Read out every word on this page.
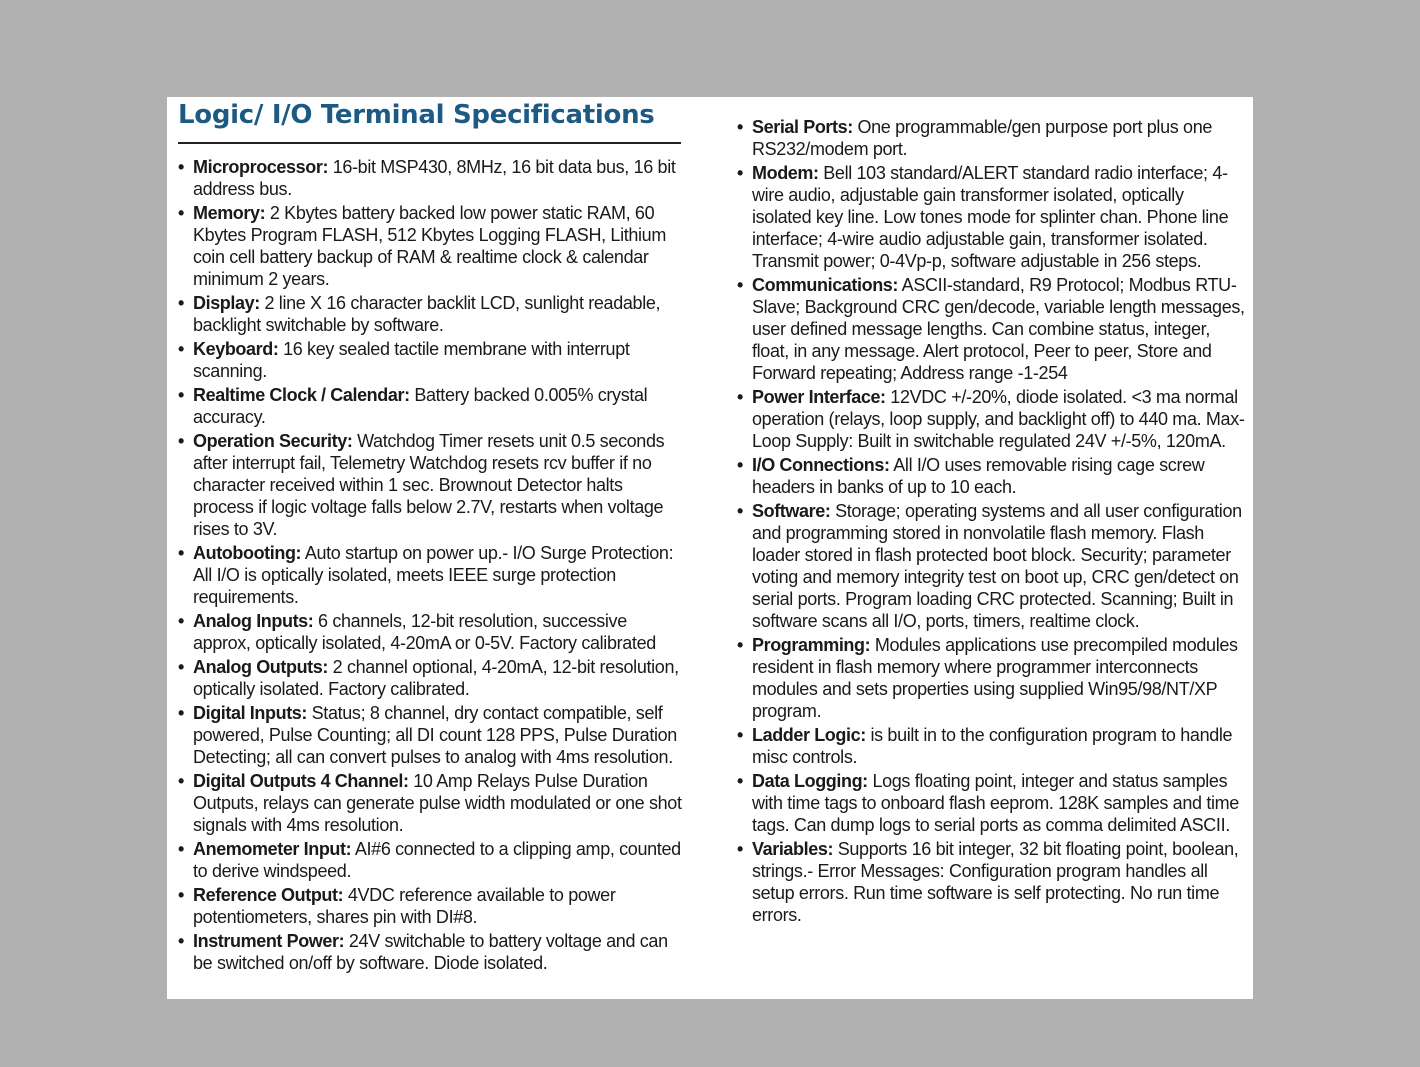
Logic/ I/O Terminal Specifications
• Microprocessor: 16-bit MSP430, 8MHz, 16 bit data bus, 16 bit address bus.
• Memory: 2 Kbytes battery backed low power static RAM, 60 Kbytes Program FLASH, 512 Kbytes Logging FLASH, Lithium coin cell battery backup of RAM & realtime clock & calendar minimum 2 years.
• Display: 2 line X 16 character backlit LCD, sunlight readable, backlight switchable by software.
• Keyboard: 16 key sealed tactile membrane with interrupt scanning.
• Realtime Clock / Calendar: Battery backed 0.005% crystal accuracy.
• Operation Security: Watchdog Timer resets unit 0.5 seconds after interrupt fail, Telemetry Watchdog resets rcv buffer if no character received within 1 sec. Brownout Detector halts process if logic voltage falls below 2.7V, restarts when voltage rises to 3V.
• Autobooting: Auto startup on power up.- I/O Surge Protection: All I/O is optically isolated, meets IEEE surge protection requirements.
• Analog Inputs: 6 channels, 12-bit resolution, successive approx, optically isolated, 4-20mA or 0-5V. Factory calibrated
• Analog Outputs: 2 channel optional, 4-20mA, 12-bit resolution, optically isolated. Factory calibrated.
• Digital Inputs: Status; 8 channel, dry contact compatible, self powered, Pulse Counting; all DI count 128 PPS, Pulse Duration Detecting; all can convert pulses to analog with 4ms resolution.
• Digital Outputs 4 Channel: 10 Amp Relays Pulse Duration Outputs, relays can generate pulse width modulated or one shot signals with 4ms resolution.
• Anemometer Input: AI#6 connected to a clipping amp, counted to derive windspeed.
• Reference Output: 4VDC reference available to power potentiometers, shares pin with DI#8.
• Instrument Power: 24V switchable to battery voltage and can be switched on/off by software. Diode isolated.
• Serial Ports: One programmable/gen purpose port plus one RS232/modem port.
• Modem: Bell 103 standard/ALERT standard radio interface; 4-wire audio, adjustable gain transformer isolated, optically isolated key line. Low tones mode for splinter chan. Phone line interface; 4-wire audio adjustable gain, transformer isolated. Transmit power; 0-4Vp-p, software adjustable in 256 steps.
• Communications: ASCII-standard, R9 Protocol; Modbus RTU- Slave; Background CRC gen/decode, variable length messages, user defined message lengths. Can combine status, integer, float, in any message. Alert protocol, Peer to peer, Store and Forward repeating; Address range -1-254
• Power Interface: 12VDC +/-20%, diode isolated. <3 ma normal operation (relays, loop supply, and backlight off) to 440 ma. Max- Loop Supply: Built in switchable regulated 24V +/-5%, 120mA.
• I/O Connections: All I/O uses removable rising cage screw headers in banks of up to 10 each.
• Software: Storage; operating systems and all user configuration and programming stored in nonvolatile flash memory. Flash loader stored in flash protected boot block. Security; parameter voting and memory integrity test on boot up, CRC gen/detect on serial ports. Program loading CRC protected. Scanning; Built in software scans all I/O, ports, timers, realtime clock.
• Programming: Modules applications use precompiled modules resident in flash memory where programmer interconnects modules and sets properties using supplied Win95/98/NT/XP program.
• Ladder Logic: is built in to the configuration program to handle misc controls.
• Data Logging: Logs floating point, integer and status samples with time tags to onboard flash eeprom. 128K samples and time tags. Can dump logs to serial ports as comma delimited ASCII.
• Variables: Supports 16 bit integer, 32 bit floating point, boolean, strings.- Error Messages: Configuration program handles all setup errors. Run time software is self protecting. No run time errors.
